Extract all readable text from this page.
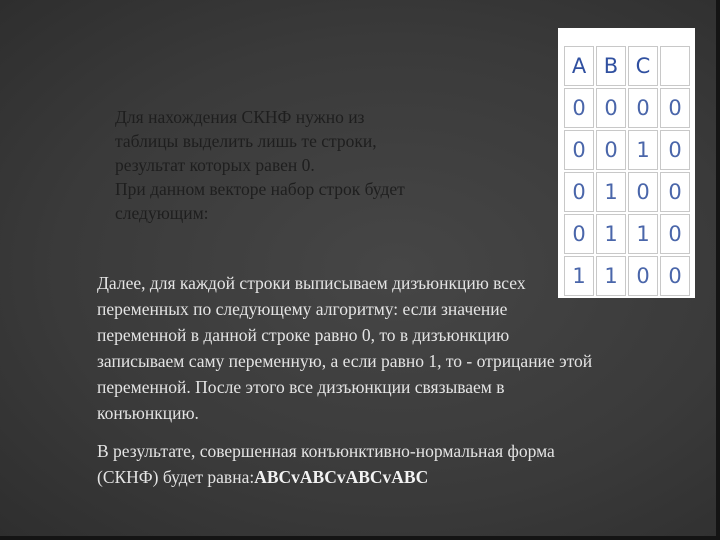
Для нахождения СКНФ нужно из
таблицы выделить лишь те строки,
результат которых равен 0.
При данном векторе набор строк будет
следующим:
A	B	C	
0	0	0	0
0	0	1	0
0	1	0	0
0	1	1	0
1	1	0	0
Далее, для каждой строки выписываем дизъюнкцию всех
переменных по следующему алгоритму: если значение
переменной в данной строке равно 0, то в дизъюнкцию
записываем саму переменную, а если равно 1, то - отрицание этой
переменной. После этого все дизъюнкции связываем в
конъюнкцию.
В результате, совершенная конъюнктивно-нормальная форма
(СКНФ) будет равна:ABCvABCvABCvABC
